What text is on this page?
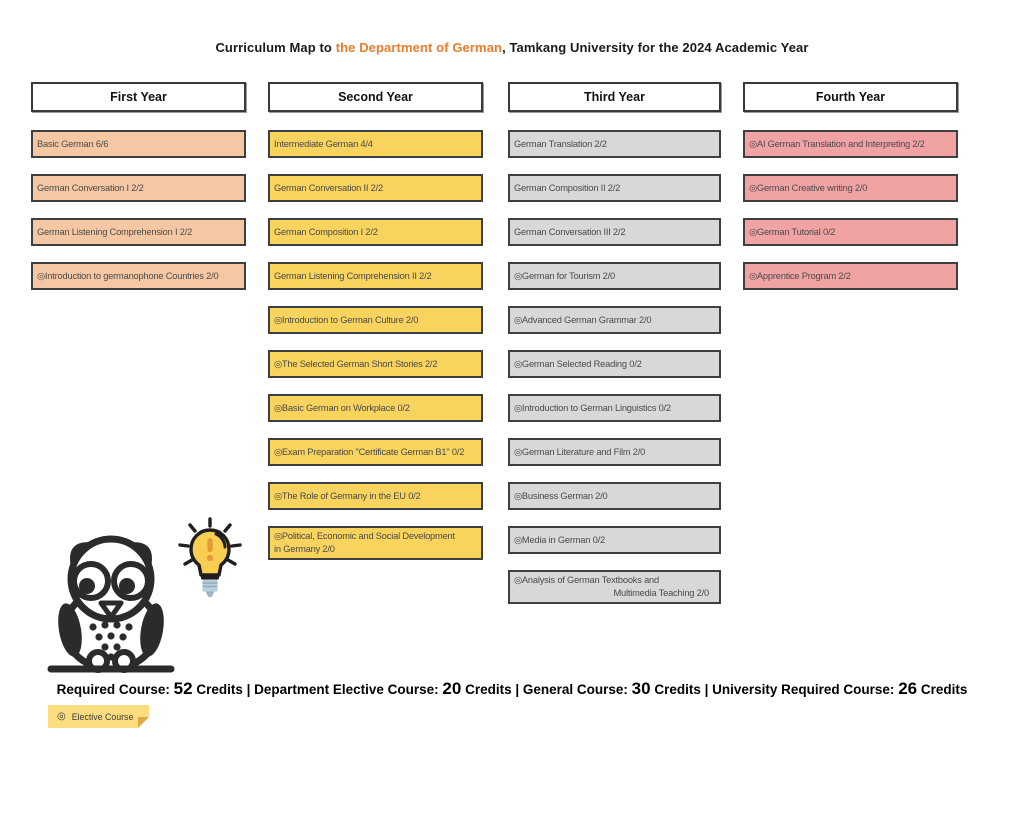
Curriculum Map to the Department of German, Tamkang University for the 2024 Academic Year
First Year
Basic German 6/6
German Conversation I 2/2
German Listening Comprehension I 2/2
◎Introduction to germanophone Countries 2/0
Second Year
Intermediate German 4/4
German Conversation II 2/2
German Composition I 2/2
German Listening Comprehension II 2/2
◎Introduction to German Culture 2/0
◎The Selected German Short Stories 2/2
◎Basic German on Workplace 0/2
◎Exam Preparation "Certificate German B1" 0/2
◎The Role of Germany in the EU 0/2
◎Political, Economic and Social Development
in Germany 2/0
Third Year
German Translation 2/2
German Composition II 2/2
German Conversation III 2/2
◎German for Tourism 2/0
◎Advanced German Grammar 2/0
◎German Selected Reading 0/2
◎Introduction to German Linguistics 0/2
◎German Literature and Film 2/0
◎Business German 2/0
◎Media in German 0/2
◎Analysis of German Textbooks and
Multimedia Teaching 2/0
Fourth Year
◎AI German Translation and Interpreting 2/2
◎German Creative writing 2/0
◎German Tutorial 0/2
◎Apprentice Program 2/2
Required Course: 52 Credits | Department Elective Course: 20 Credits | General Course: 30 Credits | University Required Course: 26 Credits
◎ Elective Course
